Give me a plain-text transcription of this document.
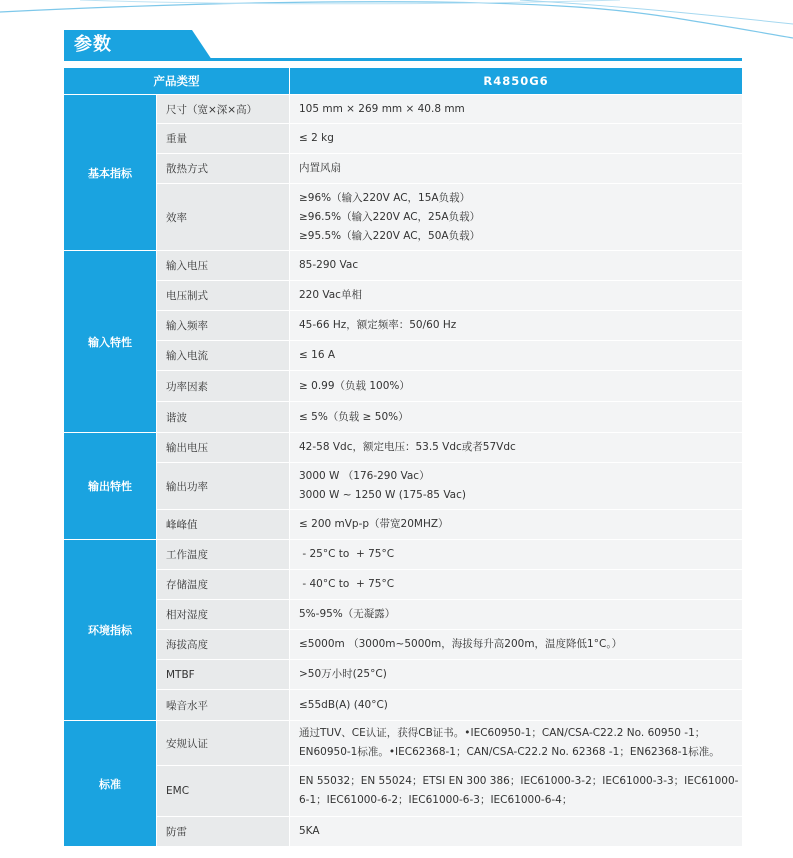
参数
产品类型		R4850G6
基本指标	尺寸（宽×深×高）	105 mm × 269 mm × 40.8 mm

	重量	≤ 2 kg

	散热方式	内置风扇

	效率	≥96%（输入220V AC，15A负载）
≥96.5%（输入220V AC，25A负载）
≥95.5%（输入220V AC，50A负载）

输入特性	输入电压	85-290 Vac

	电压制式	220 Vac单相

	输入频率	45-66 Hz，额定频率：50/60 Hz

	输入电流	≤ 16 A

	功率因素	≥ 0.99（负载 100%）

	谐波	≤ 5%（负载 ≥ 50%）

输出特性	输出电压	42-58 Vdc，额定电压：53.5 Vdc或者57Vdc

	输出功率	3000 W （176-290 Vac）
3000 W ~ 1250 W (175-85 Vac)

	峰峰值	≤ 200 mVp-p（带宽20MHZ）

环境指标	工作温度	- 25°C to  + 75°C

	存储温度	- 40°C to  + 75°C

	相对湿度	5%-95%（无凝露）

	海拔高度	≤5000m （3000m~5000m，海拔每升高200m，温度降低1°C。）

	MTBF	>50万小时(25°C)

	噪音水平	≤55dB(A) (40°C)

标准	安规认证	通过TUV、CE认证，获得CB证书。•IEC60950-1；CAN/CSA-C22.2 No. 60950 -1；
EN60950-1标准。•IEC62368-1；CAN/CSA-C22.2 No. 62368 -1；EN62368-1标准。

	EMC	EN 55032；EN 55024；ETSI EN 300 386；IEC61000-3-2；IEC61000-3-3；IEC61000-
6-1；IEC61000-6-2；IEC61000-6-3；IEC61000-6-4；

	防雷	5KA
